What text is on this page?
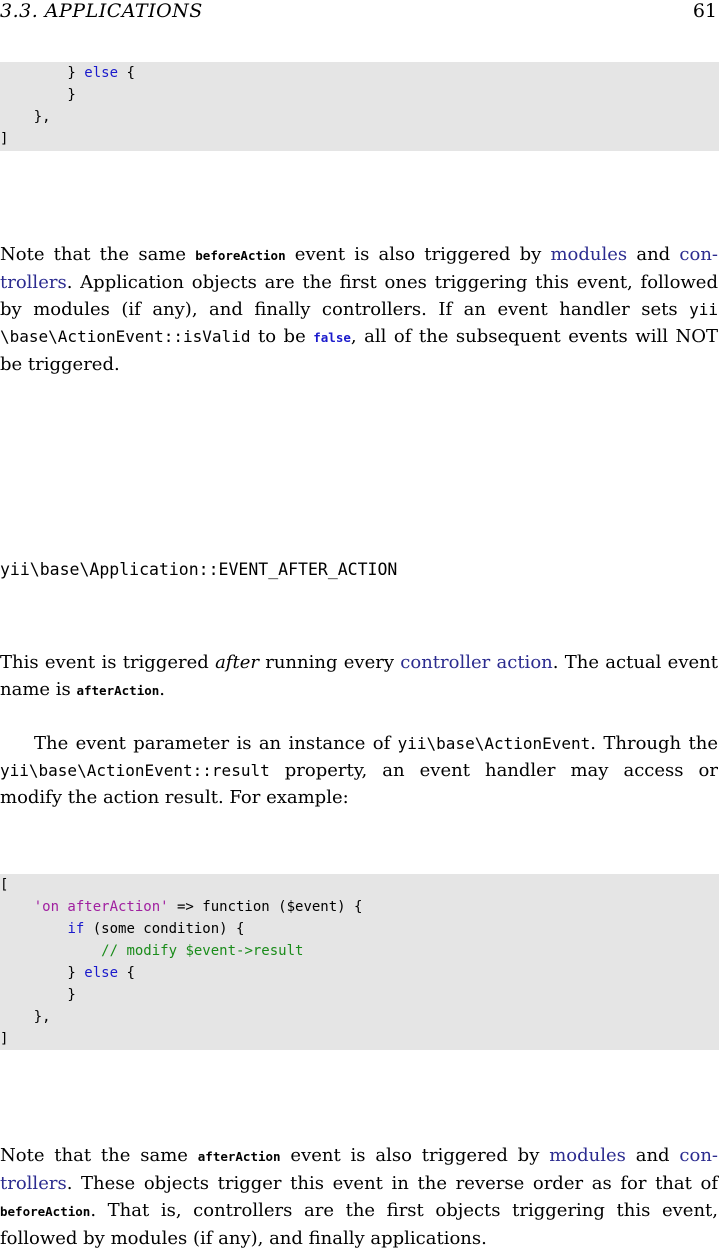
3.3. APPLICATIONS	61
} else {
}
},
]

Note that the same beforeAction event is also triggered by modules and con- trollers. Application objects are the first ones triggering this event, followed by modules (if any), and finally controllers. If an event handler sets yii \base\ActionEvent::isValid to be false, all of the subsequent events will NOT be triggered.

yii\base\Application::EVENT_AFTER_ACTION

This event is triggered after running every controller action. The actual event name is afterAction.

The event parameter is an instance of yii\base\ActionEvent. Through the yii\base\ActionEvent::result property, an event handler may access or modify the action result. For example:

[
'on afterAction' => function ($event) {
if (some condition) {
// modify $event->result
} else {
}
},
]

Note that the same afterAction event is also triggered by modules and con- trollers. These objects trigger this event in the reverse order as for that of beforeAction. That is, controllers are the first objects triggering this event, followed by modules (if any), and finally applications.
